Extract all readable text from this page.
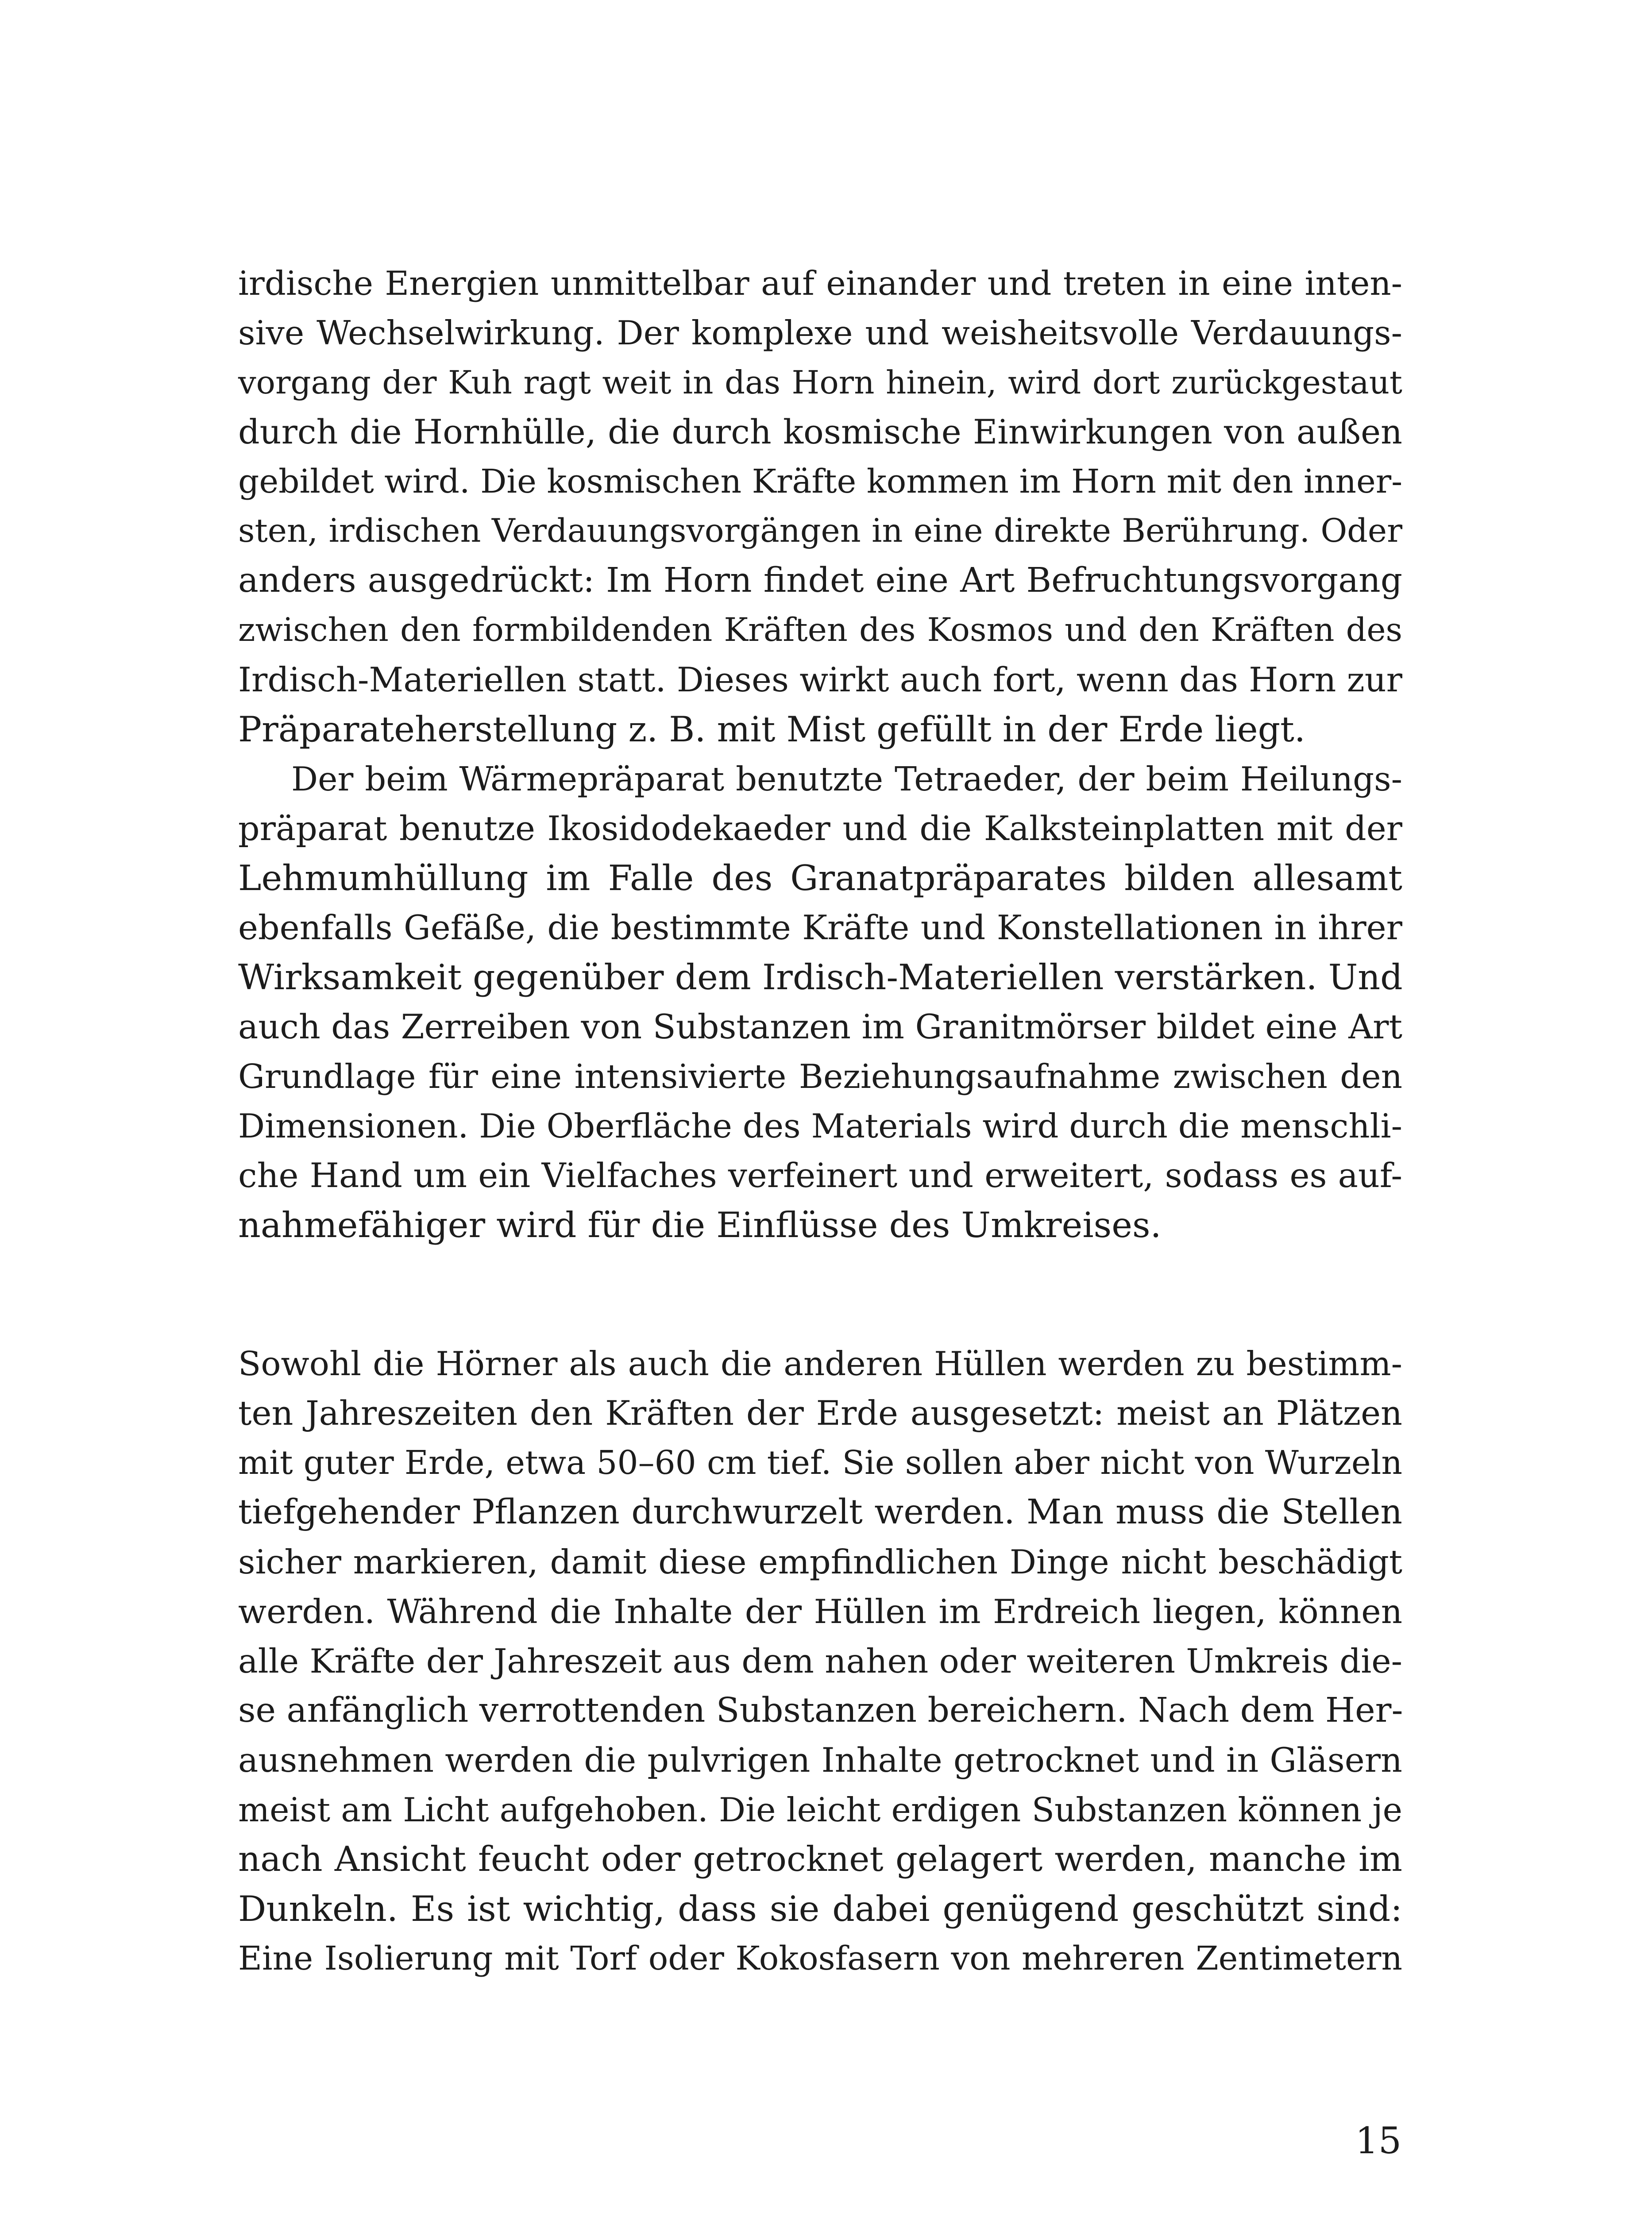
irdische Energien unmittelbar auf einander und treten in eine inten-
sive Wechselwirkung. Der komplexe und weisheitsvolle Verdauungs-
vorgang der Kuh ragt weit in das Horn hinein, wird dort zurückgestaut
durch die Hornhülle, die durch kosmische Einwirkungen von außen
gebildet wird. Die kosmischen Kräfte kommen im Horn mit den inner-
sten, irdischen Verdauungsvorgängen in eine direkte Berührung. Oder
anders ausgedrückt: Im Horn findet eine Art Befruchtungsvorgang
zwischen den formbildenden Kräften des Kosmos und den Kräften des
Irdisch-Materiellen statt. Dieses wirkt auch fort, wenn das Horn zur
Präparateherstellung z. B. mit Mist gefüllt in der Erde liegt.
Der beim Wärmepräparat benutzte Tetraeder, der beim Heilungs-
präparat benutze Ikosidodekaeder und die Kalksteinplatten mit der
Lehmumhüllung im Falle des Granatpräparates bilden allesamt
ebenfalls Gefäße, die bestimmte Kräfte und Konstellationen in ihrer
Wirksamkeit gegenüber dem Irdisch-Materiellen verstärken. Und
auch das Zerreiben von Substanzen im Granitmörser bildet eine Art
Grundlage für eine intensivierte Beziehungsaufnahme zwischen den
Dimensionen. Die Oberfläche des Materials wird durch die menschli-
che Hand um ein Vielfaches verfeinert und erweitert, sodass es auf-
nahmefähiger wird für die Einflüsse des Umkreises.
Sowohl die Hörner als auch die anderen Hüllen werden zu bestimm-
ten Jahreszeiten den Kräften der Erde ausgesetzt: meist an Plätzen
mit guter Erde, etwa 50–60 cm tief. Sie sollen aber nicht von Wurzeln
tiefgehender Pflanzen durchwurzelt werden. Man muss die Stellen
sicher markieren, damit diese empfindlichen Dinge nicht beschädigt
werden. Während die Inhalte der Hüllen im Erdreich liegen, können
alle Kräfte der Jahreszeit aus dem nahen oder weiteren Umkreis die-
se anfänglich verrottenden Substanzen bereichern. Nach dem Her-
ausnehmen werden die pulvrigen Inhalte getrocknet und in Gläsern
meist am Licht aufgehoben. Die leicht erdigen Substanzen können je
nach Ansicht feucht oder getrocknet gelagert werden, manche im
Dunkeln. Es ist wichtig, dass sie dabei genügend geschützt sind:
Eine Isolierung mit Torf oder Kokosfasern von mehreren Zentimetern
15
